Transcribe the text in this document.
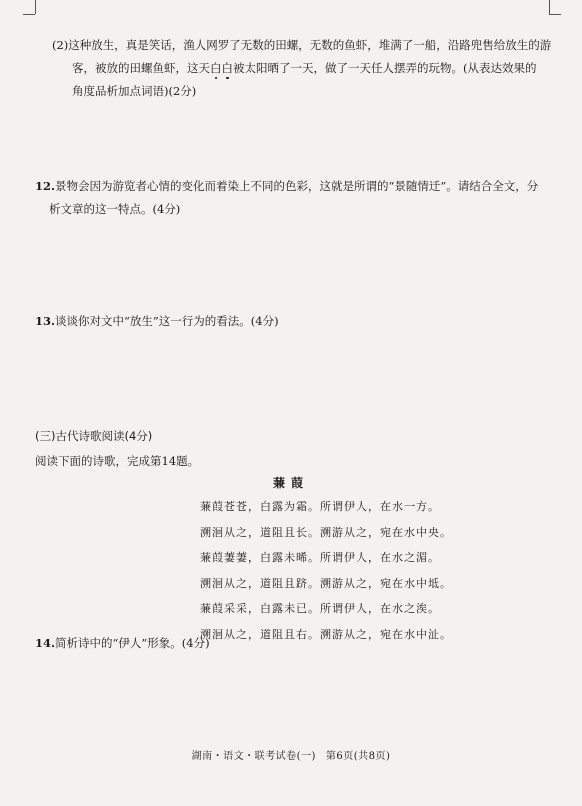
(2)这种放生，真是笑话，渔人网罗了无数的田螺，无数的鱼虾，堆满了一船，沿路兜售给放生的游
客，被放的田螺鱼虾，这天白白被太阳晒了一天，做了一天任人摆弄的玩物。(从表达效果的
角度品析加点词语)(2分)
12.景物会因为游览者心情的变化而着染上不同的色彩，这就是所谓的“景随情迁”。请结合全文，分
析文章的这一特点。(4分)
13.谈谈你对文中“放生”这一行为的看法。(4分)
(三)古代诗歌阅读(4分)
阅读下面的诗歌，完成第14题。
蒹葭
蒹葭苍苍，白露为霜。所谓伊人，在水一方。
溯洄从之，道阻且长。溯游从之，宛在水中央。
蒹葭萋萋，白露未晞。所谓伊人，在水之湄。
溯洄从之，道阻且跻。溯游从之，宛在水中坻。
蒹葭采采，白露未已。所谓伊人，在水之涘。
溯洄从之，道阻且右。溯游从之，宛在水中沚。
14.简析诗中的“伊人”形象。(4分)
湖南・语文・联考试卷(一) 第6页(共8页)
